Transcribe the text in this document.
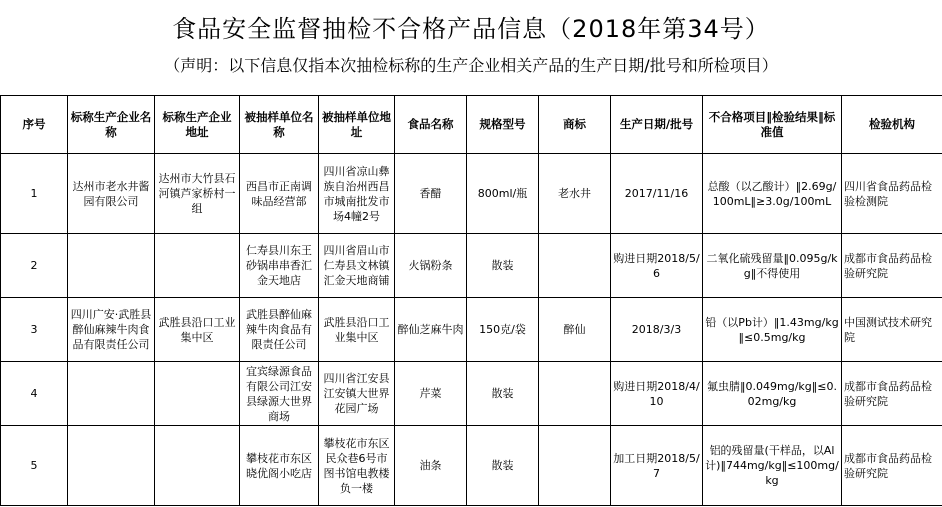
食品安全监督抽检不合格产品信息（2018年第34号）
（声明：以下信息仅指本次抽检标称的生产企业相关产品的生产日期/批号和所检项目）
序号	标称生产企业名称	标称生产企业地址	被抽样单位名称	被抽样单位地址	食品名称	规格型号	商标	生产日期/批号	不合格项目‖检验结果‖标准值	检验机构
1	达州市老水井酱园有限公司	达州市大竹县石河镇芦家桥村一组	西昌市正南调味品经营部	四川省凉山彝族自治州西昌市城南批发市场4幢2号	香醋	800ml/瓶	老水井	2017/11/16	总酸（以乙酸计）‖2.69g/100mL‖≥3.0g/100mL	四川省食品药品检验检测院
2			仁寿县川东王砂锅串串香汇金天地店	四川省眉山市仁寿县文林镇汇金天地商铺	火锅粉条	散装		购进日期2018/5/6	二氧化硫残留量‖0.095g/kg‖不得使用	成都市食品药品检验研究院
3	四川广安·武胜县醉仙麻辣牛肉食品有限责任公司	武胜县沿口工业集中区	武胜县醉仙麻辣牛肉食品有限责任公司	武胜县沿口工业集中区	醉仙芝麻牛肉	150克/袋	醉仙	2018/3/3	铅（以Pb计）‖1.43mg/kg‖≤0.5mg/kg	中国测试技术研究院
4			宜宾绿源食品有限公司江安县绿源大世界商场	四川省江安县江安镇大世界花园广场	芹菜	散装		购进日期2018/4/10	氟虫腈‖0.049mg/kg‖≤0.02mg/kg	成都市食品药品检验研究院
5			攀枝花市东区晓优阁小吃店	攀枝花市东区民众巷6号市图书馆电教楼负一楼	油条	散装		加工日期2018/5/7	铝的残留量(干样品，以Al计)‖744mg/kg‖≤100mg/kg	成都市食品药品检验研究院
